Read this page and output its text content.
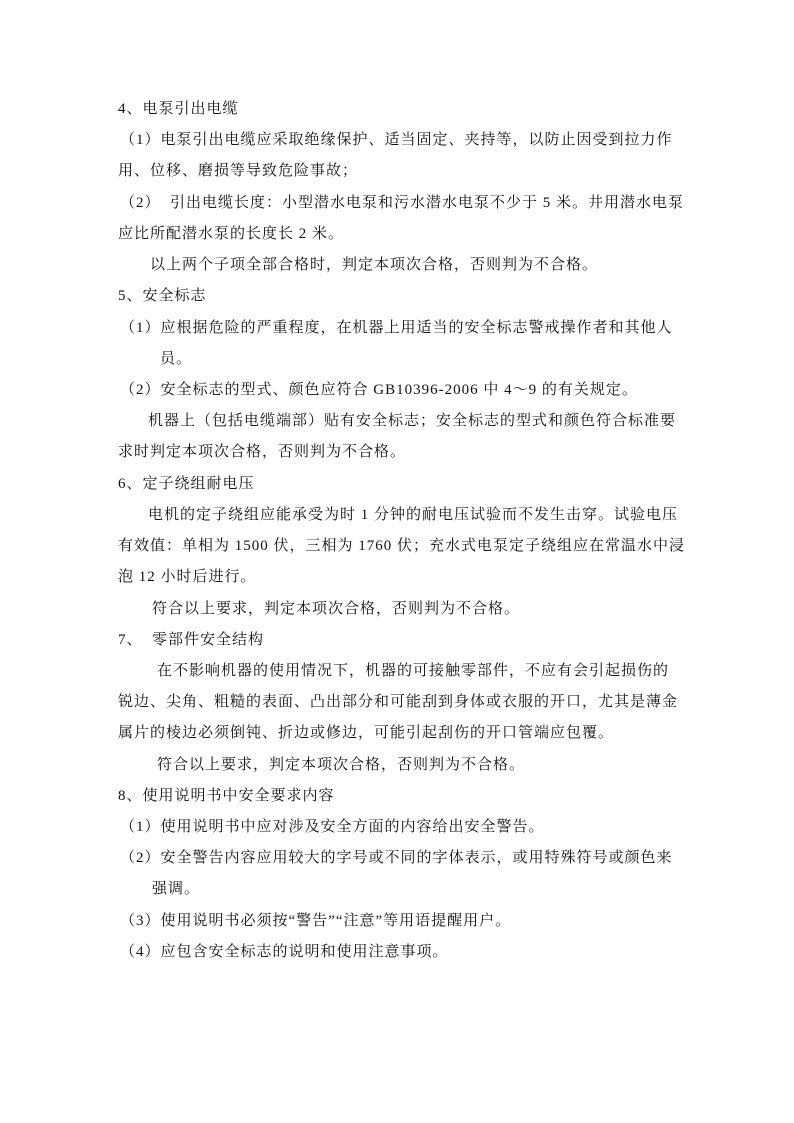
4、电泵引出电缆
（1）电泵引出电缆应采取绝缘保护、适当固定、夹持等，以防止因受到拉力作
用、位移、磨损等导致危险事故；
（2）  引出电缆长度：小型潜水电泵和污水潜水电泵不少于 5 米。井用潜水电泵
应比所配潜水泵的长度长 2 米。
以上两个子项全部合格时，判定本项次合格，否则判为不合格。
5、安全标志
（1）应根据危险的严重程度，在机器上用适当的安全标志警戒操作者和其他人
员。
（2）安全标志的型式、颜色应符合 GB10396-2006 中 4～9 的有关规定。
机器上（包括电缆端部）贴有安全标志；安全标志的型式和颜色符合标准要
求时判定本项次合格，否则判为不合格。
6、定子绕组耐电压
电机的定子绕组应能承受为时 1 分钟的耐电压试验而不发生击穿。试验电压
有效值：单相为 1500 伏，三相为 1760 伏；充水式电泵定子绕组应在常温水中浸
泡 12 小时后进行。
符合以上要求，判定本项次合格，否则判为不合格。
7、  零部件安全结构
在不影响机器的使用情况下，机器的可接触零部件，不应有会引起损伤的
锐边、尖角、粗糙的表面、凸出部分和可能刮到身体或衣服的开口，尤其是薄金
属片的棱边必须倒钝、折边或修边，可能引起刮伤的开口管端应包覆。
符合以上要求，判定本项次合格，否则判为不合格。
8、使用说明书中安全要求内容
（1）使用说明书中应对涉及安全方面的内容给出安全警告。
（2）安全警告内容应用较大的字号或不同的字体表示，或用特殊符号或颜色来
强调。
（3）使用说明书必须按“警告”“注意”等用语提醒用户。
（4）应包含安全标志的说明和使用注意事项。
